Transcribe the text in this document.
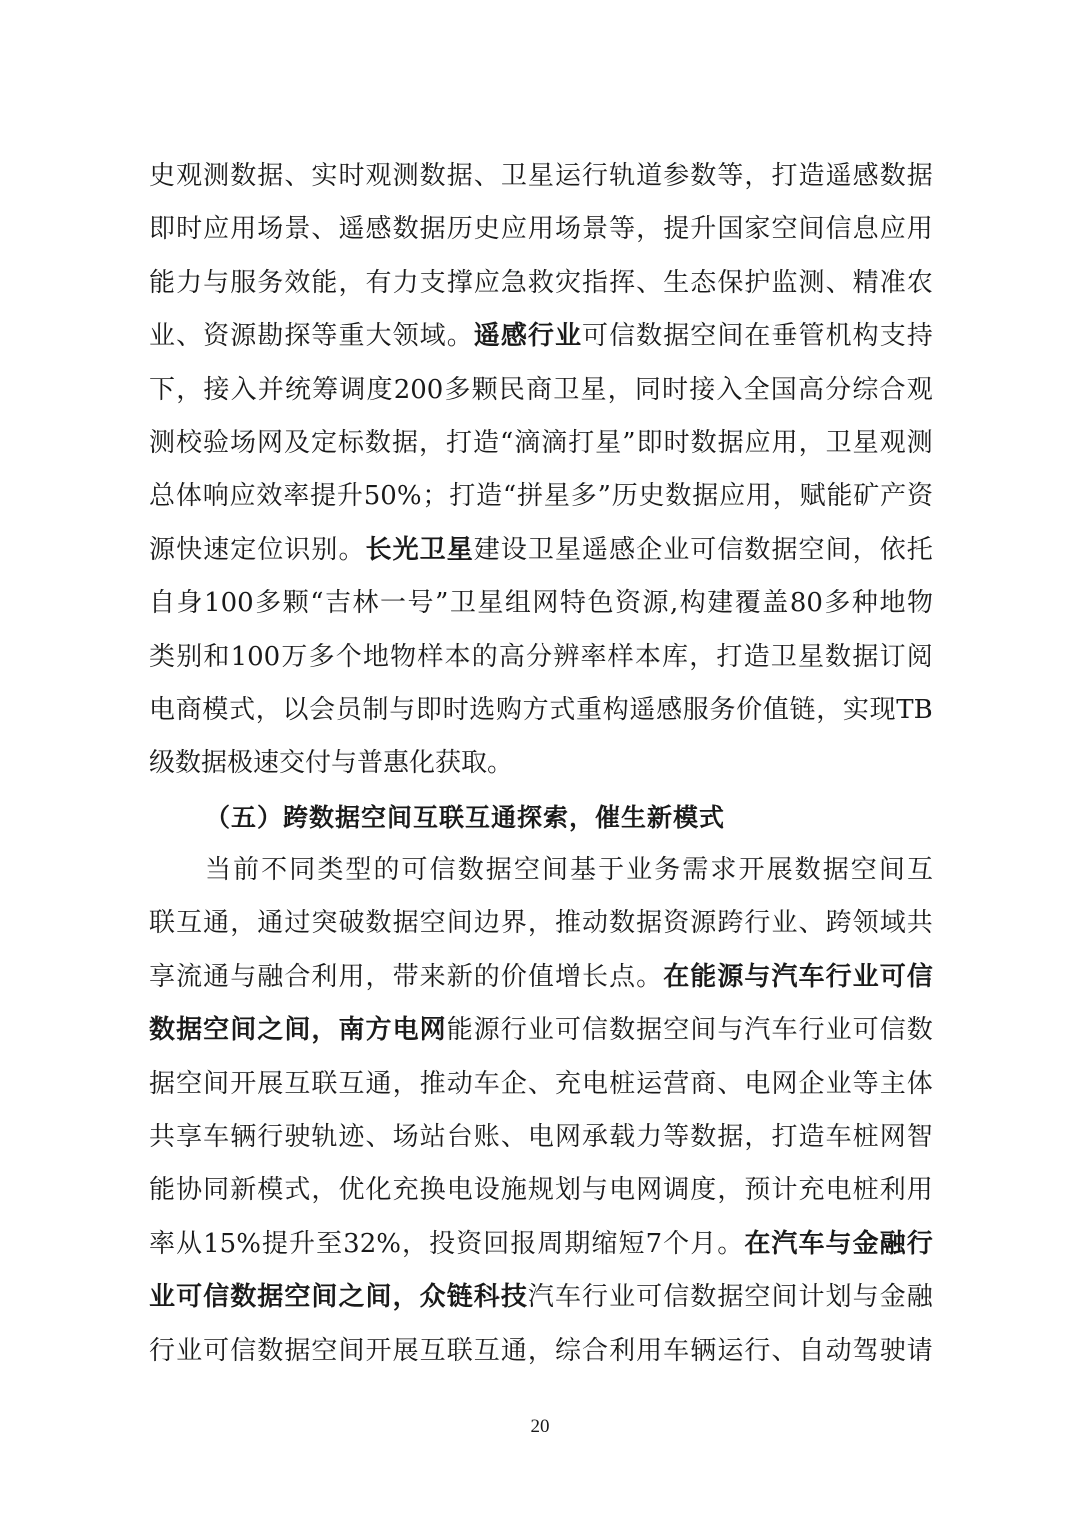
史 观 测 数 据 、 实 时 观 测 数 据 、 卫 星 运 行 轨 道 参 数 等 ， 打 造 遥 感 数 据
即 时 应 用 场 景 、 遥 感 数 据 历 史 应 用 场 景 等 ， 提 升 国 家 空 间 信 息 应 用
能 力 与 服 务 效 能 ， 有 力 支 撑 应 急 救 灾 指 挥 、 生 态 保 护 监 测 、 精 准 农
业 、 资 源 勘 探 等 重 大 领 域 。 遥 感 行 业 可 信 数 据 空 间 在 垂 管 机 构 支 持
下 ， 接 入 并 统 筹 调 度 200 多 颗 民 商 卫 星 ， 同 时 接 入 全 国 高 分 综 合 观
测 校 验 场 网 及 定 标 数 据 ， 打 造 “ 滴 滴 打 星 ” 即 时 数 据 应 用 ， 卫 星 观 测
总 体 响 应 效 率 提 升 50% ； 打 造 “ 拼 星 多 ” 历 史 数 据 应 用 ， 赋 能 矿 产 资
源 快 速 定 位 识 别 。 长 光 卫 星 建 设 卫 星 遥 感 企 业 可 信 数 据 空 间 ， 依 托
自 身 100 多 颗 “ 吉 林 一 号 ” 卫 星 组 网 特 色 资 源 , 构 建 覆 盖 80 多 种 地 物
类 别 和 100 万 多 个 地 物 样 本 的 高 分 辨 率 样 本 库 ， 打 造 卫 星 数 据 订 阅
电 商 模 式 ， 以 会 员 制 与 即 时 选 购 方 式 重 构 遥 感 服 务 价 值 链 ， 实 现 TB
级数据极速交付与普惠化获取。
（五）跨数据空间互联互通探索，催生新模式
当 前 不 同 类 型 的 可 信 数 据 空 间 基 于 业 务 需 求 开 展 数 据 空 间 互
联 互 通 ， 通 过 突 破 数 据 空 间 边 界 ， 推 动 数 据 资 源 跨 行 业 、 跨 领 域 共
享 流 通 与 融 合 利 用 ， 带 来 新 的 价 值 增 长 点 。 在 能 源 与 汽 车 行 业 可 信
数 据 空 间 之 间 ， 南 方 电 网 能 源 行 业 可 信 数 据 空 间 与 汽 车 行 业 可 信 数
据 空 间 开 展 互 联 互 通 ， 推 动 车 企 、 充 电 桩 运 营 商 、 电 网 企 业 等 主 体
共 享 车 辆 行 驶 轨 迹 、 场 站 台 账 、 电 网 承 载 力 等 数 据 ， 打 造 车 桩 网 智
能 协 同 新 模 式 ， 优 化 充 换 电 设 施 规 划 与 电 网 调 度 ， 预 计 充 电 桩 利 用
率 从 15% 提 升 至 32% ， 投 资 回 报 周 期 缩 短 7 个 月 。 在 汽 车 与 金 融 行
业 可 信 数 据 空 间 之 间 ， 众 链 科 技 汽 车 行 业 可 信 数 据 空 间 计 划 与 金 融
行 业 可 信 数 据 空 间 开 展 互 联 互 通 ， 综 合 利 用 车 辆 运 行 、 自 动 驾 驶 请
20
